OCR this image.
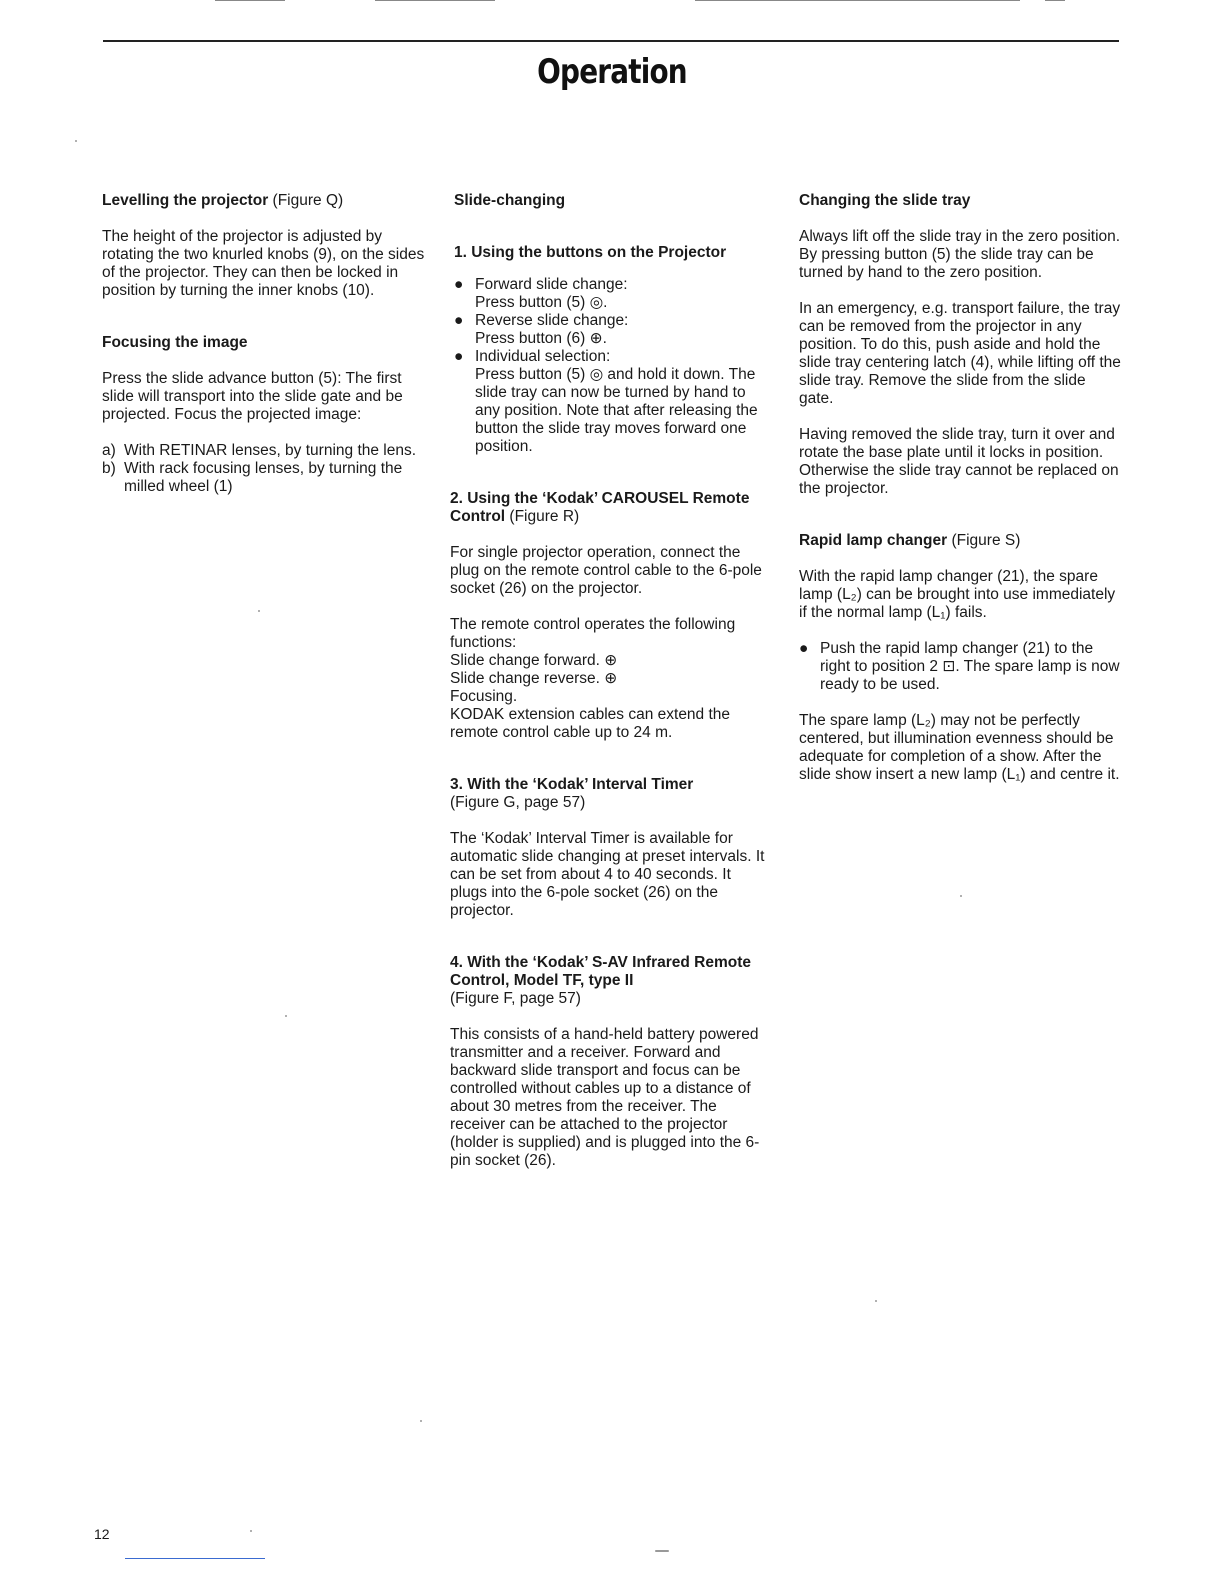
Operation

Levelling the projector (Figure Q)

The height of the projector is adjusted by rotating the two knurled knobs (9), on the sides of the projector. They can then be locked in position by turning the inner knobs (10).

Focusing the image

Press the slide advance button (5): The first slide will transport into the slide gate and be projected. Focus the projected image:

a) With RETINAR lenses, by turning the lens.
b) With rack focusing lenses, by turning the milled wheel (1)

Slide-changing

1. Using the buttons on the Projector

● Forward slide change:
Press button (5) ◎.
● Reverse slide change:
Press button (6) ⊕.
● Individual selection:
Press button (5) ◎ and hold it down. The slide tray can now be turned by hand to any position. Note that after releasing the button the slide tray moves forward one position.

2. Using the ‘Kodak’ CAROUSEL Remote Control (Figure R)

For single projector operation, connect the plug on the remote control cable to the 6-pole socket (26) on the projector.

The remote control operates the following functions:
Slide change forward. ⊕
Slide change reverse. ⊕
Focusing.
KODAK extension cables can extend the remote control cable up to 24 m.

3. With the ‘Kodak’ Interval Timer

(Figure G, page 57)

The ‘Kodak’ Interval Timer is available for automatic slide changing at preset intervals. It can be set from about 4 to 40 seconds. It plugs into the 6-pole socket (26) on the projector.

4. With the ‘Kodak’ S-AV Infrared Remote Control, Model TF, type II

(Figure F, page 57)

This consists of a hand-held battery powered transmitter and a receiver. Forward and backward slide transport and focus can be controlled without cables up to a distance of about 30 metres from the receiver. The receiver can be attached to the projector (holder is supplied) and is plugged into the 6-pin socket (26).

Changing the slide tray

Always lift off the slide tray in the zero position. By pressing button (5) the slide tray can be turned by hand to the zero position.

In an emergency, e.g. transport failure, the tray can be removed from the projector in any position. To do this, push aside and hold the slide tray centering latch (4), while lifting off the slide tray. Remove the slide from the slide gate.

Having removed the slide tray, turn it over and rotate the base plate until it locks in position. Otherwise the slide tray cannot be replaced on the projector.

Rapid lamp changer (Figure S)

With the rapid lamp changer (21), the spare lamp (L₂) can be brought into use immediately if the normal lamp (L₁) fails.

● Push the rapid lamp changer (21) to the right to position 2 ⊡. The spare lamp is now ready to be used.

The spare lamp (L₂) may not be perfectly centered, but illumination evenness should be adequate for completion of a show. After the slide show insert a new lamp (L₁) and centre it.

12
